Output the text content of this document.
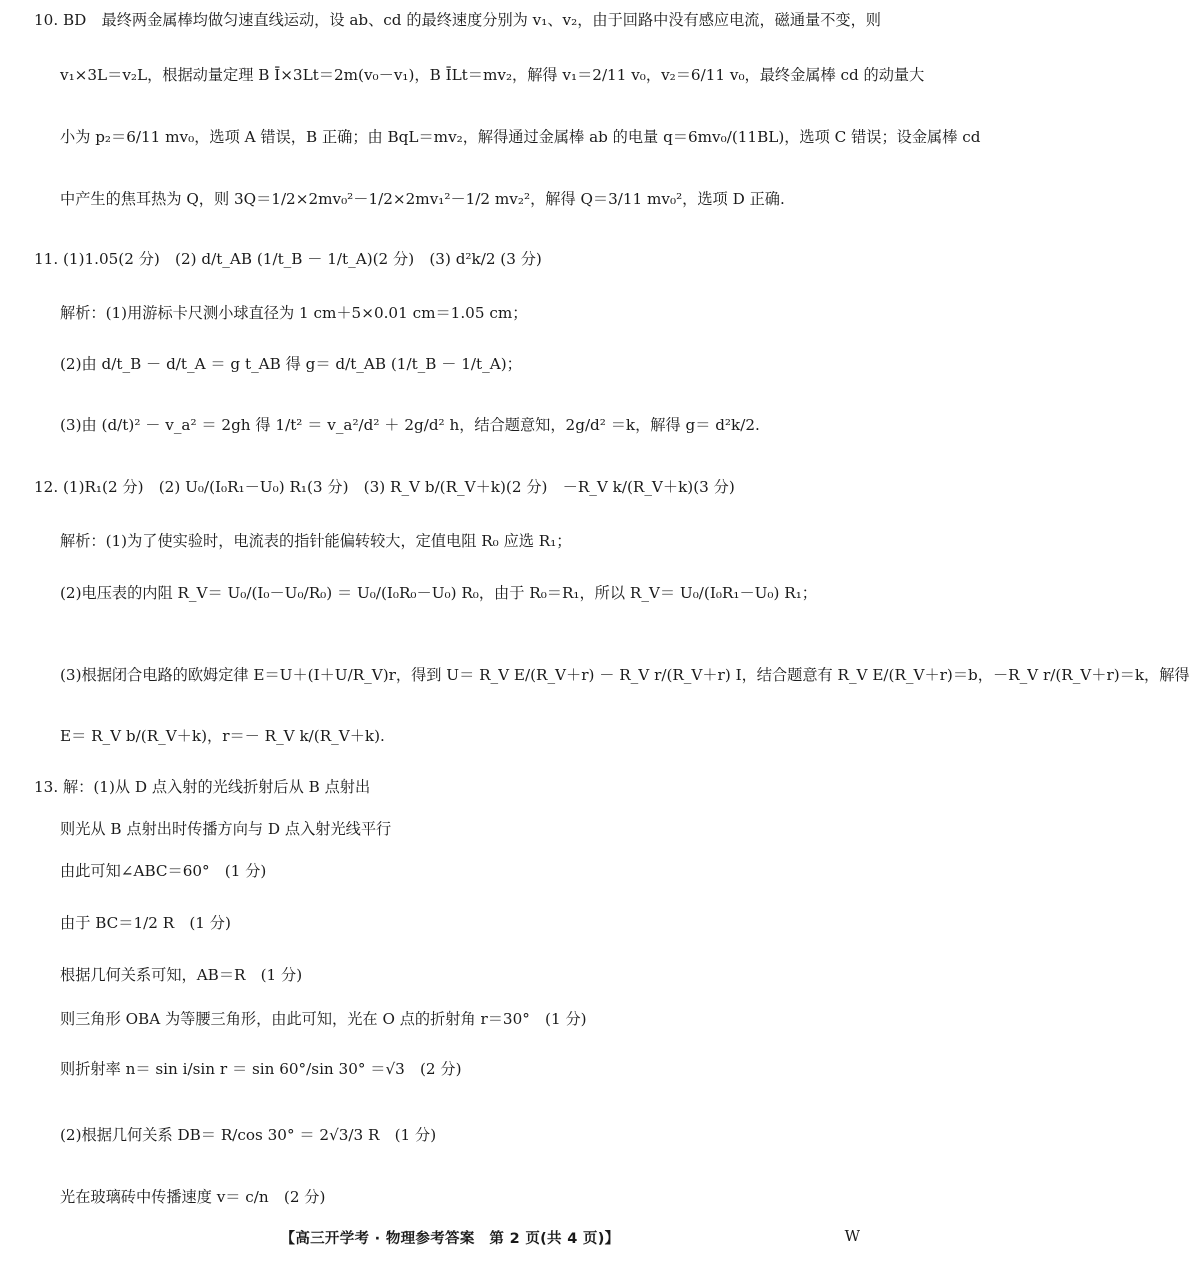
10. BD　最终两金属棒均做匀速直线运动，设 ab、cd 的最终速度分别为 v₁、v₂，由于回路中没有感应电流，磁通量不变，则
v₁×3L＝v₂L，根据动量定理 B Ī×3Lt＝2m(v₀－v₁)，B ĪLt＝mv₂，解得 v₁＝2/11 v₀，v₂＝6/11 v₀，最终金属棒 cd 的动量大
小为 p₂＝6/11 mv₀，选项 A 错误，B 正确；由 BqL＝mv₂，解得通过金属棒 ab 的电量 q＝6mv₀/(11BL)，选项 C 错误；设金属棒 cd
中产生的焦耳热为 Q，则 3Q＝1/2×2mv₀²－1/2×2mv₁²－1/2 mv₂²，解得 Q＝3/11 mv₀²，选项 D 正确.
11. (1)1.05(2 分)　(2) d/t_AB (1/t_B － 1/t_A)(2 分)　(3) d²k/2 (3 分)
解析：(1)用游标卡尺测小球直径为 1 cm＋5×0.01 cm＝1.05 cm；
(2)由 d/t_B － d/t_A ＝ g t_AB 得 g＝ d/t_AB (1/t_B － 1/t_A)；
(3)由 (d/t)² － v_a² ＝ 2gh 得 1/t² ＝ v_a²/d² ＋ 2g/d² h，结合题意知，2g/d² ＝k，解得 g＝ d²k/2.
12. (1)R₁(2 分)　(2) U₀/(I₀R₁－U₀) R₁(3 分)　(3) R_V b/(R_V＋k)(2 分)　－R_V k/(R_V＋k)(3 分)
解析：(1)为了使实验时，电流表的指针能偏转较大，定值电阻 R₀ 应选 R₁；
(2)电压表的内阻 R_V＝ U₀/(I₀－U₀/R₀) ＝ U₀/(I₀R₀－U₀) R₀，由于 R₀＝R₁，所以 R_V＝ U₀/(I₀R₁－U₀) R₁；
(3)根据闭合电路的欧姆定律 E＝U＋(I＋U/R_V)r，得到 U＝ R_V E/(R_V＋r) － R_V r/(R_V＋r) I，结合题意有 R_V E/(R_V＋r)＝b，－R_V r/(R_V＋r)＝k，解得
E＝ R_V b/(R_V＋k)，r＝－ R_V k/(R_V＋k).
13. 解：(1)从 D 点入射的光线折射后从 B 点射出
则光从 B 点射出时传播方向与 D 点入射光线平行
由此可知∠ABC＝60°　(1 分)
由于 BC＝1/2 R　(1 分)
根据几何关系可知，AB＝R　(1 分)
则三角形 OBA 为等腰三角形，由此可知，光在 O 点的折射角 r＝30°　(1 分)
则折射率 n＝ sin i/sin r ＝ sin 60°/sin 30° ＝√3　(2 分)
(2)根据几何关系 DB＝ R/cos 30° ＝ 2√3/3 R　(1 分)
光在玻璃砖中传播速度 v＝ c/n　(2 分)
【高三开学考 · 物理参考答案　第 2 页(共 4 页)】	W
